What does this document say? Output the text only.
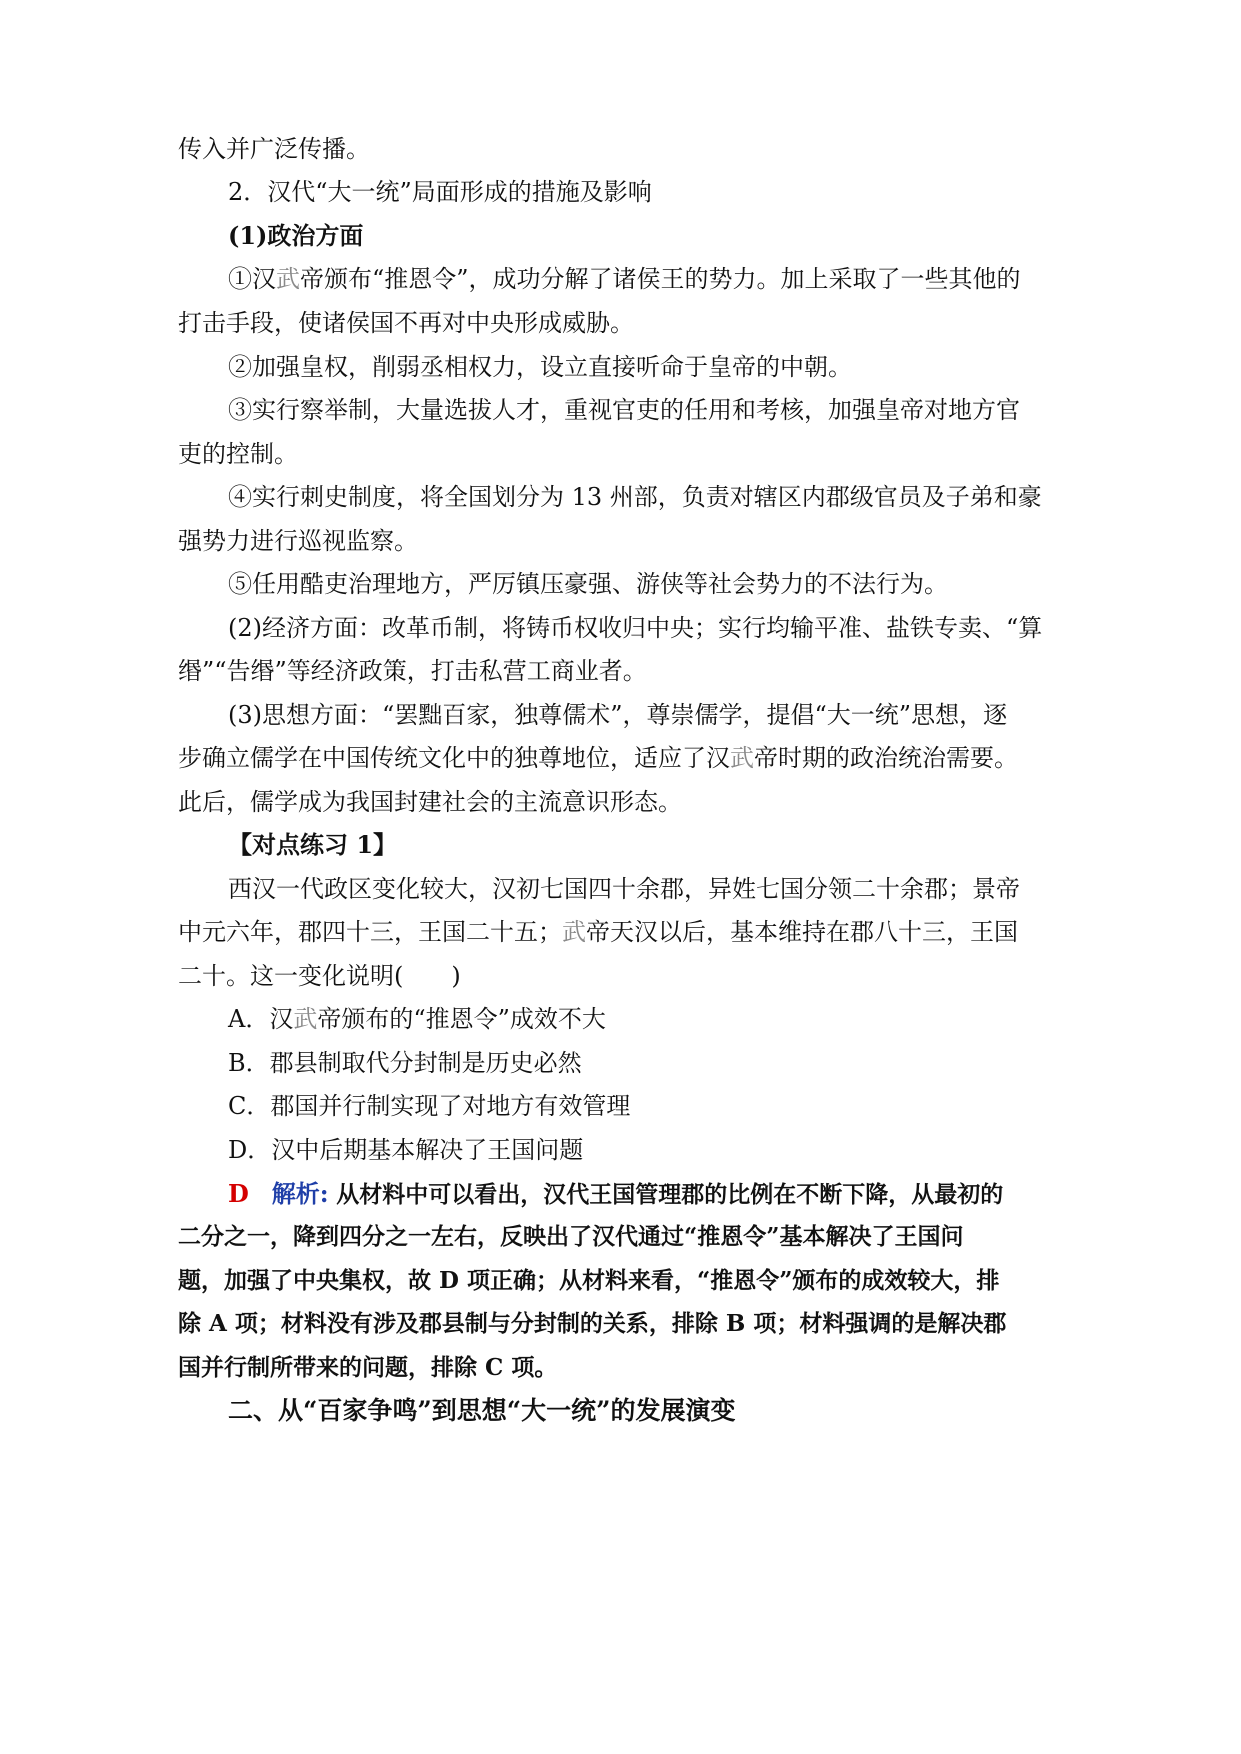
传入并广泛传播。
2．汉代“大一统”局面形成的措施及影响
(1)政治方面
①汉武帝颁布“推恩令”，成功分解了诸侯王的势力。加上采取了一些其他的
打击手段，使诸侯国不再对中央形成威胁。
②加强皇权，削弱丞相权力，设立直接听命于皇帝的中朝。
③实行察举制，大量选拔人才，重视官吏的任用和考核，加强皇帝对地方官
吏的控制。
④实行刺史制度，将全国划分为 13 州部，负责对辖区内郡级官员及子弟和豪
强势力进行巡视监察。
⑤任用酷吏治理地方，严厉镇压豪强、游侠等社会势力的不法行为。
(2)经济方面：改革币制，将铸币权收归中央；实行均输平准、盐铁专卖、“算
缗”“告缗”等经济政策，打击私营工商业者。
(3)思想方面：“罢黜百家，独尊儒术”，尊崇儒学，提倡“大一统”思想，逐
步确立儒学在中国传统文化中的独尊地位，适应了汉武帝时期的政治统治需要。
此后，儒学成为我国封建社会的主流意识形态。
【对点练习 1】
西汉一代政区变化较大，汉初七国四十余郡，异姓七国分领二十余郡；景帝
中元六年，郡四十三，王国二十五；武帝天汉以后，基本维持在郡八十三，王国
二十。这一变化说明(　　)
A．汉武帝颁布的“推恩令”成效不大
B．郡县制取代分封制是历史必然
C．郡国并行制实现了对地方有效管理
D．汉中后期基本解决了王国问题
D 解析: 从材料中可以看出，汉代王国管理郡的比例在不断下降，从最初的
二分之一，降到四分之一左右，反映出了汉代通过“推恩令”基本解决了王国问
题，加强了中央集权，故 D 项正确；从材料来看，“推恩令”颁布的成效较大，排
除 A 项；材料没有涉及郡县制与分封制的关系，排除 B 项；材料强调的是解决郡
国并行制所带来的问题，排除 C 项。
二、从“百家争鸣”到思想“大一统”的发展演变
